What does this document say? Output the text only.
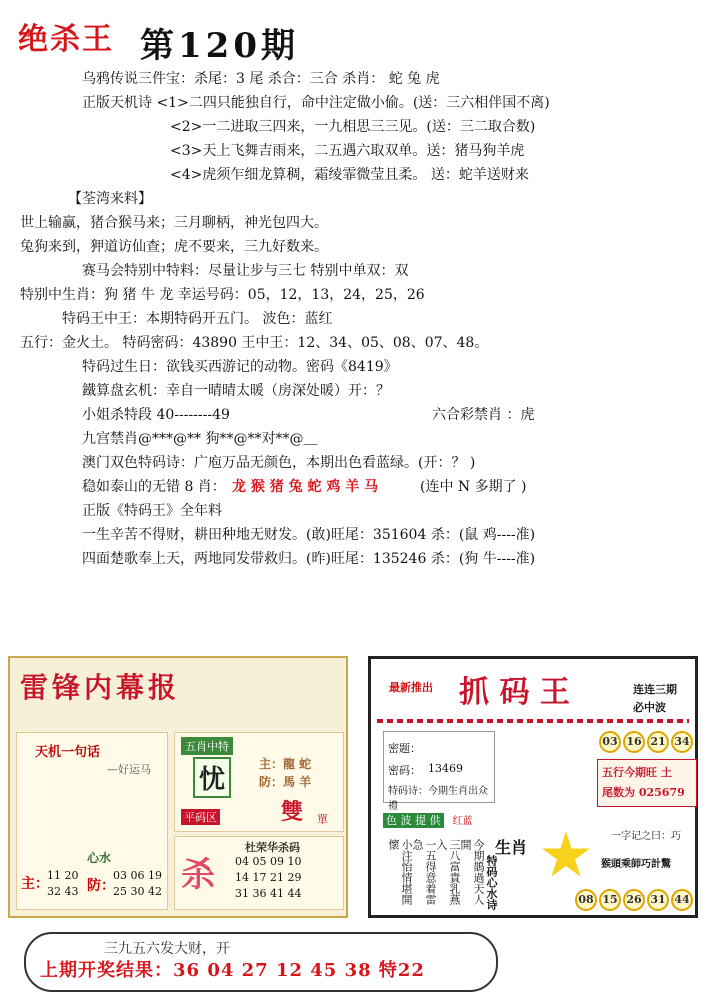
绝杀王 第120期
乌鸦传说三件宝：杀尾：3 尾 杀合：三合 杀肖： 蛇 兔 虎
正版天机诗 <1>二四只能独自行，命中注定做小偷。(送：三六相伴国不离)
<2>一二进取三四来，一九相思三三见。(送：三二取合数)
<3>天上飞舞吉雨来，二五遇六取双单。送：猪马狗羊虎
<4>虎须乍细龙算稠，霜绫霏微莹且柔。 送：蛇羊送财来
【荃湾来料】
世上输赢，猪合猴马来；三月聊柄，神光包四大。
兔狗来到，狎道访仙查；虎不要来，三九好数来。
赛马会特别中特料：尽量让步与三七 特别中单双：双
特别中生肖：狗 猪 牛 龙 幸运号码：05，12，13，24，25，26
特码王中王：本期特码开五门。 波色：蓝红
五行：金火土。 特码密码：43890 王中王：12、34、05、08、07、48。
特码过生日：欲钱买西游记的动物。密码《8419》
鐵算盘玄机：幸自一晴晴太暖（房深处暖）开：？
小姐杀特段 40--------49	六合彩禁肖 ：虎
九宫禁肖@***@** 狗**@**对**@＿
澳门双色特码诗：广庖万品无颜色，本期出色看蓝绿。(开：？ )
稳如泰山的无错 8 肖： 龙 猴 猪 兔 蛇 鸡 羊 马	(连中 N 多期了 )
正版《特码王》全年料
一生辛苦不得财，耕田种地无财发。(敢)旺尾：351604 杀：(鼠 鸡----准)
四面楚歌奉上天，两地同发带救归。(昨)旺尾：135246 杀：(狗 牛----准)
雷锋内幕报
天机一句话
—好运马
心水
主：
11 20
32 43 防：
03 06 19
25 30 42
五肖中特
忧
主：龍 蛇
防：馬 羊
平码区	雙 單
杀
杜荣华杀码
04 05 09 10
14 17 21 29
31 36 41 44
最新推出 抓 码 王	连连三期
必中波
密题：
密码： 13469
特码诗：今期生肖出众禮
03 16 21 34
五行今期旺 土
尾数为 025679
色 波 提 供 红蓝
小注怡情堪開懷	一五得意着雷急	三八富貴乳燕入	今期鵲過天人開	生肖
特码心水诗
一字记之曰：巧
猴頭乘師巧計驚
08 15 26 31 44
三九五六发大财，开
上期开奖结果：36 04 27 12 45 38 特22
